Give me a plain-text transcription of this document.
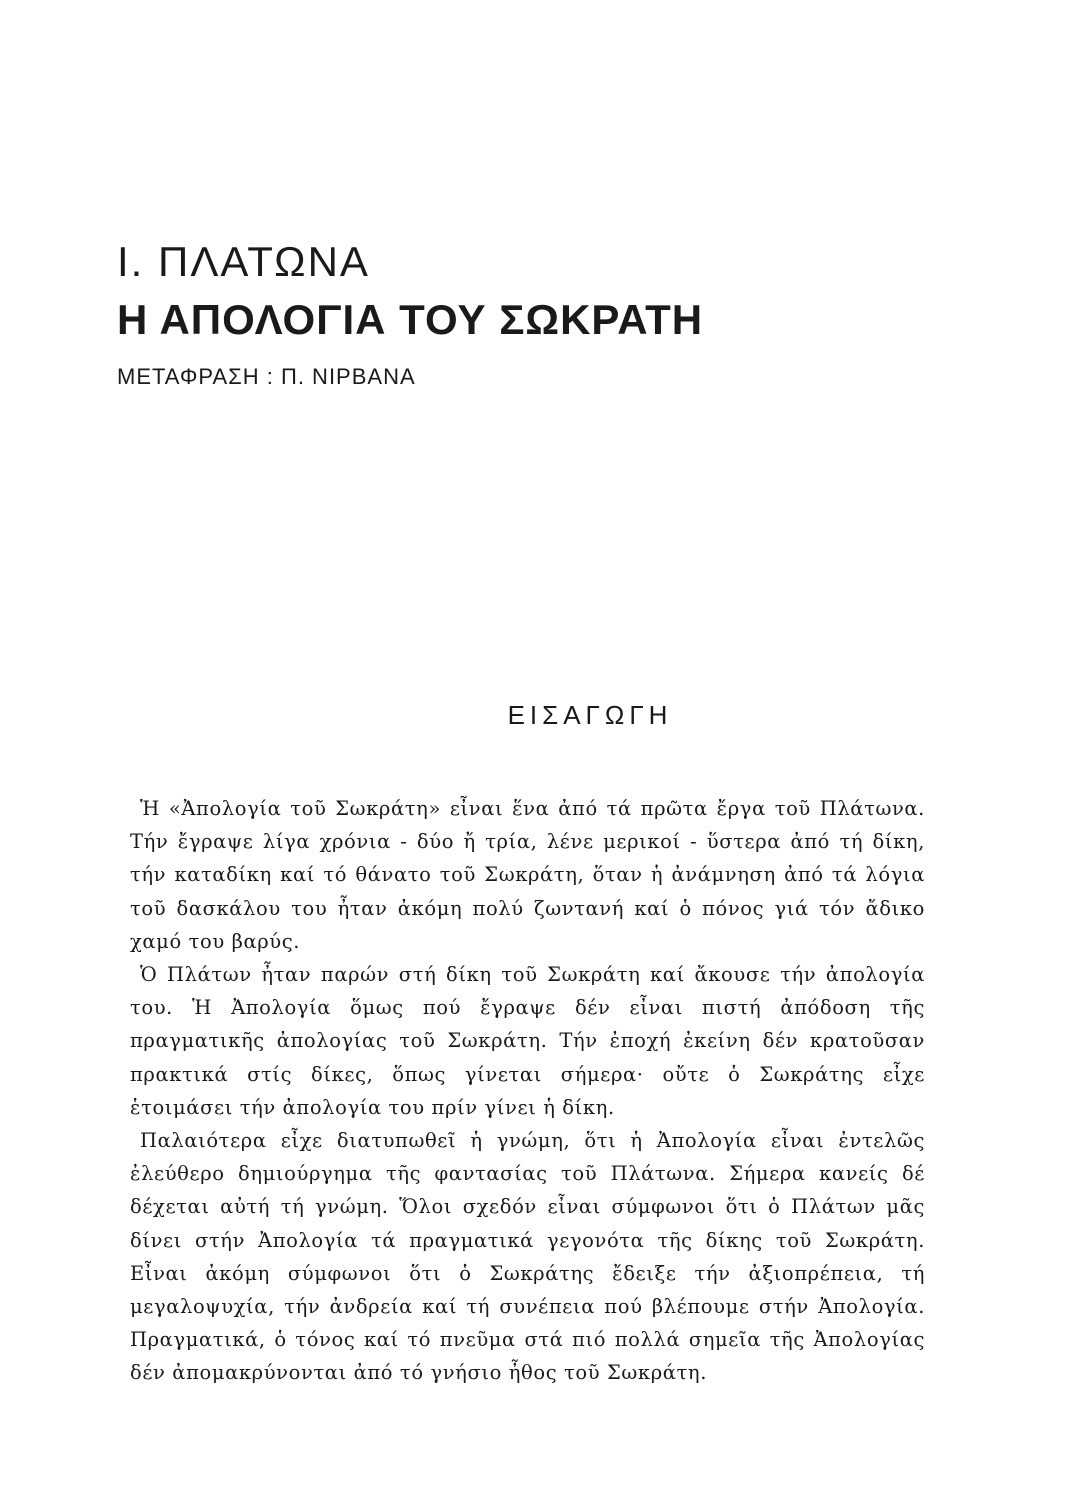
I. ΠΛΑΤΩΝΑ
Η ΑΠΟΛΟΓΙΑ ΤΟΥ ΣΩΚΡΑΤΗ
ΜΕΤΑΦΡΑΣΗ : Π. ΝΙΡΒΑΝΑ
ΕΙΣΑΓΩΓΗ

Ἡ «Ἀπολογία τοῦ Σωκράτη» εἶναι ἕνα ἀπό τά πρῶτα ἔργα τοῦ Πλάτωνα. Τήν ἔγραψε λίγα χρόνια - δύο ἤ τρία, λένε μερικοί - ὕστερα ἀπό τή δίκη, τήν καταδίκη καί τό θάνατο τοῦ Σωκράτη, ὅταν ἡ ἀνάμνηση ἀπό τά λόγια τοῦ δασκάλου του ἦταν ἀκόμη πολύ ζωντανή καί ὁ πόνος γιά τόν ἄδικο χαμό του βαρύς.

Ὁ Πλάτων ἦταν παρών στή δίκη τοῦ Σωκράτη καί ἄκουσε τήν ἀπολογία του. Ἡ Ἀπολογία ὅμως πού ἔγραψε δέν εἶναι πιστή ἀπόδοση τῆς πραγματικῆς ἀπολογίας τοῦ Σωκράτη. Τήν ἐποχή ἐκείνη δέν κρατοῦσαν πρακτικά στίς δίκες, ὅπως γίνεται σήμερα· οὔτε ὁ Σωκράτης εἶχε ἑτοιμάσει τήν ἀπολογία του πρίν γίνει ἡ δίκη.

Παλαιότερα εἶχε διατυπωθεῖ ἡ γνώμη, ὅτι ἡ Ἀπολογία εἶναι ἐντελῶς ἐλεύθερο δημιούργημα τῆς φαντασίας τοῦ Πλάτωνα. Σήμερα κανείς δέ δέχεται αὐτή τή γνώμη. Ὅλοι σχεδόν εἶναι σύμφωνοι ὅτι ὁ Πλάτων μᾶς δίνει στήν Ἀπολογία τά πραγματικά γεγονότα τῆς δίκης τοῦ Σωκράτη. Εἶναι ἀκόμη σύμφωνοι ὅτι ὁ Σωκράτης ἔδειξε τήν ἀξιοπρέπεια, τή μεγαλοψυχία, τήν ἀνδρεία καί τή συνέπεια πού βλέπουμε στήν Ἀπολογία. Πραγματικά, ὁ τόνος καί τό πνεῦμα στά πιό πολλά σημεῖα τῆς Ἀπολογίας δέν ἀπομακρύνονται ἀπό τό γνήσιο ἦθος τοῦ Σωκράτη.
